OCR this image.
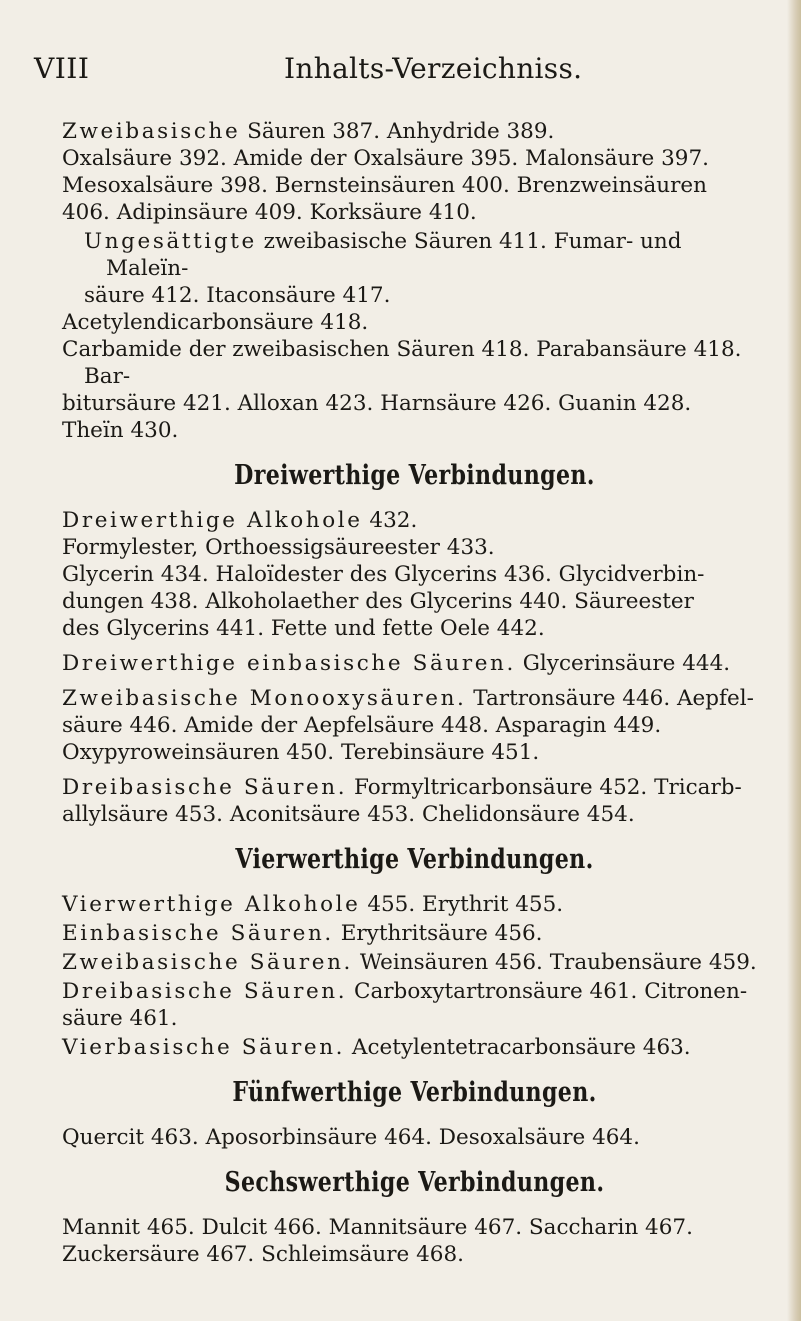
VIII	Inhalts-Verzeichniss.
Zweibasische Säuren 387. Anhydride 389.
Oxalsäure 392. Amide der Oxalsäure 395. Malonsäure 397.
Mesoxalsäure 398. Bernsteinsäuren 400. Brenzweinsäuren
406. Adipinsäure 409. Korksäure 410.
Ungesättigte zweibasische Säuren 411. Fumar- und Maleïn-
säure 412. Itaconsäure 417.
Acetylendicarbonsäure 418.
Carbamide der zweibasischen Säuren 418. Parabansäure 418. Bar-
bitursäure 421. Alloxan 423. Harnsäure 426. Guanin 428.
Theïn 430.
Dreiwerthige Verbindungen.
Dreiwerthige Alkohole 432.
Formylester, Orthoessigsäureester 433.
Glycerin 434. Haloïdester des Glycerins 436. Glycidverbin-
dungen 438. Alkoholaether des Glycerins 440. Säureester
des Glycerins 441. Fette und fette Oele 442.
Dreiwerthige einbasische Säuren. Glycerinsäure 444.
Zweibasische Monooxysäuren. Tartronsäure 446. Aepfel-
säure 446. Amide der Aepfelsäure 448. Asparagin 449.
Oxypyroweinsäuren 450. Terebinsäure 451.
Dreibasische Säuren. Formyltricarbonsäure 452. Tricarb-
allylsäure 453. Aconitsäure 453. Chelidonsäure 454.
Vierwerthige Verbindungen.
Vierwerthige Alkohole 455. Erythrit 455.
Einbasische Säuren. Erythritsäure 456.
Zweibasische Säuren. Weinsäuren 456. Traubensäure 459.
Dreibasische Säuren. Carboxytartronsäure 461. Citronen-
säure 461.
Vierbasische Säuren. Acetylentetracarbonsäure 463.
Fünfwerthige Verbindungen.
Quercit 463. Aposorbinsäure 464. Desoxalsäure 464.
Sechswerthige Verbindungen.
Mannit 465. Dulcit 466. Mannitsäure 467. Saccharin 467.
Zuckersäure 467. Schleimsäure 468.
